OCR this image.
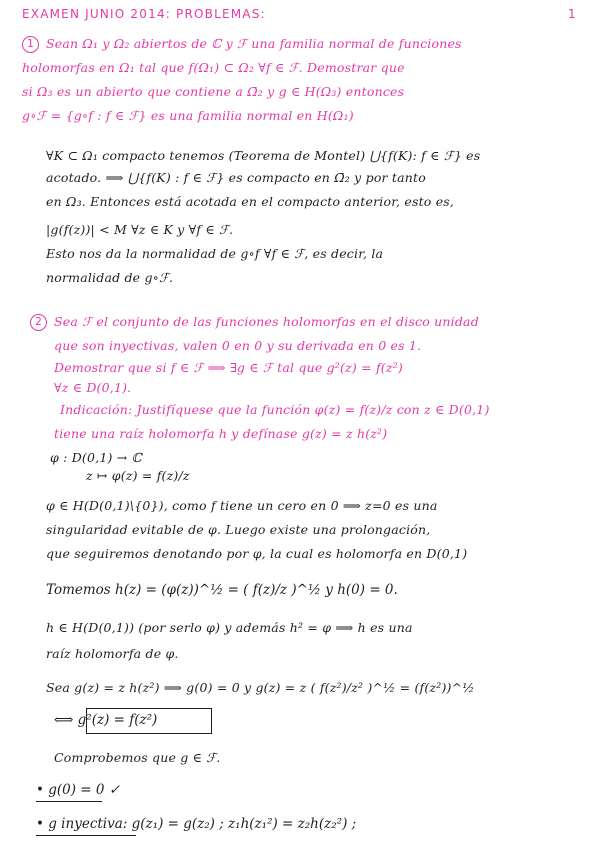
EXAMEN JUNIO 2014: PROBLEMAS:	1
1 Sean Ω₁ y Ω₂ abiertos de ℂ y ℱ una familia normal de funciones
holomorfas en Ω₁ tal que f(Ω₁) ⊂ Ω₂ ∀f ∈ ℱ. Demostrar que
si Ω₃ es un abierto que contiene a Ω̄₂ y g ∈ H(Ω₃) entonces
g∘ℱ = {g∘f : f ∈ ℱ} es una familia normal en H(Ω₁)
∀K ⊂ Ω₁ compacto tenemos (Teorema de Montel) ⋃{f(K): f ∈ ℱ} es
acotado. ⟹ ⋃{f(K) : f ∈ ℱ} es compacto en Ω̄₂ y por tanto
en Ω₃. Entonces está acotada en el compacto anterior, esto es,
|g(f(z))| < M ∀z ∈ K y ∀f ∈ ℱ.
Esto nos da la normalidad de g∘f ∀f ∈ ℱ, es decir, la
normalidad de g∘ℱ.
2 Sea ℱ el conjunto de las funciones holomorfas en el disco unidad
que son inyectivas, valen 0 en 0 y su derivada en 0 es 1.
Demostrar que si f ∈ ℱ ⟹ ∃g ∈ ℱ tal que g²(z) = f(z²)
∀z ∈ D(0,1).
Indicación: Justifíquese que la función φ(z) = f(z)/z con z ∈ D(0,1)
tiene una raíz holomorfa h y defínase g(z) = z h(z²)
φ : D(0,1) → ℂ
z ↦ φ(z) = f(z)/z
φ ∈ H(D(0,1)\{0}), como f tiene un cero en 0 ⟹ z=0 es una
singularidad evitable de φ. Luego existe una prolongación,
que seguiremos denotando por φ, la cual es holomorfa en D(0,1)
Tomemos h(z) = (φ(z))^½ = ( f(z)/z )^½ y h(0) = 0.
h ∈ H(D(0,1)) (por serlo φ) y además h² = φ ⟹ h es una
raíz holomorfa de φ.
Sea g(z) = z h(z²) ⟹ g(0) = 0 y g(z) = z ( f(z²)/z² )^½ = (f(z²))^½
⟺ g²(z) = f(z²)
Comprobemos que g ∈ ℱ.
• g(0) = 0 ✓
• g inyectiva: g(z₁) = g(z₂) ; z₁h(z₁²) = z₂h(z₂²) ;
